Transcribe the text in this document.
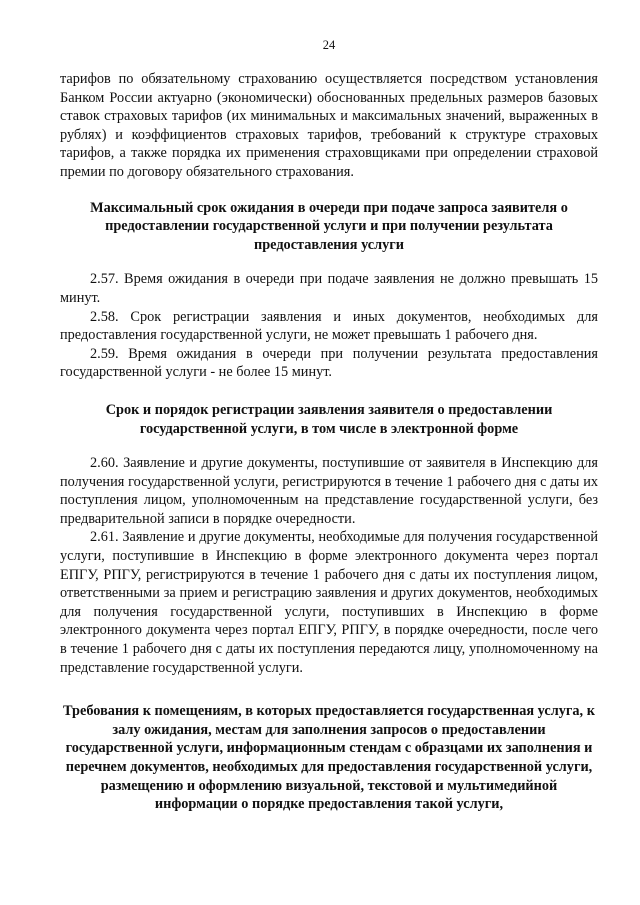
24

тарифов по обязательному страхованию осуществляется посредством установления Банком России актуарно (экономически) обоснованных предельных размеров базовых ставок страховых тарифов (их минимальных и максимальных значений, выраженных в рублях) и коэффициентов страховых тарифов, требований к структуре страховых тарифов, а также порядка их применения страховщиками при определении страховой премии по договору обязательного страхования.

Максимальный срок ожидания в очереди при подаче запроса заявителя о предоставлении государственной услуги и при получении результата предоставления услуги

2.57. Время ожидания в очереди при подаче заявления не должно превышать 15 минут.

2.58. Срок регистрации заявления и иных документов, необходимых для предоставления государственной услуги, не может превышать 1 рабочего дня.

2.59. Время ожидания в очереди при получении результата предоставления государственной услуги - не более 15 минут.

Срок и порядок регистрации заявления заявителя о предоставлении государственной услуги, в том числе в электронной форме

2.60. Заявление и другие документы, поступившие от заявителя в Инспекцию для получения государственной услуги, регистрируются в течение 1 рабочего дня с даты их поступления лицом, уполномоченным на представление государственной услуги, без предварительной записи в порядке очередности.

2.61. Заявление и другие документы, необходимые для получения государственной услуги, поступившие в Инспекцию в форме электронного документа через портал ЕПГУ, РПГУ, регистрируются в течение 1 рабочего дня с даты их поступления лицом, ответственными за прием и регистрацию заявления и других документов, необходимых для получения государственной услуги, поступивших в Инспекцию в форме электронного документа через портал ЕПГУ, РПГУ, в порядке очередности, после чего в течение 1 рабочего дня с даты их поступления передаются лицу, уполномоченному на представление государственной услуги.

Требования к помещениям, в которых предоставляется государственная услуга, к залу ожидания, местам для заполнения запросов о предоставлении государственной услуги, информационным стендам с образцами их заполнения и перечнем документов, необходимых для предоставления государственной услуги, размещению и оформлению визуальной, текстовой и мультимедийной информации о порядке предоставления такой услуги,
